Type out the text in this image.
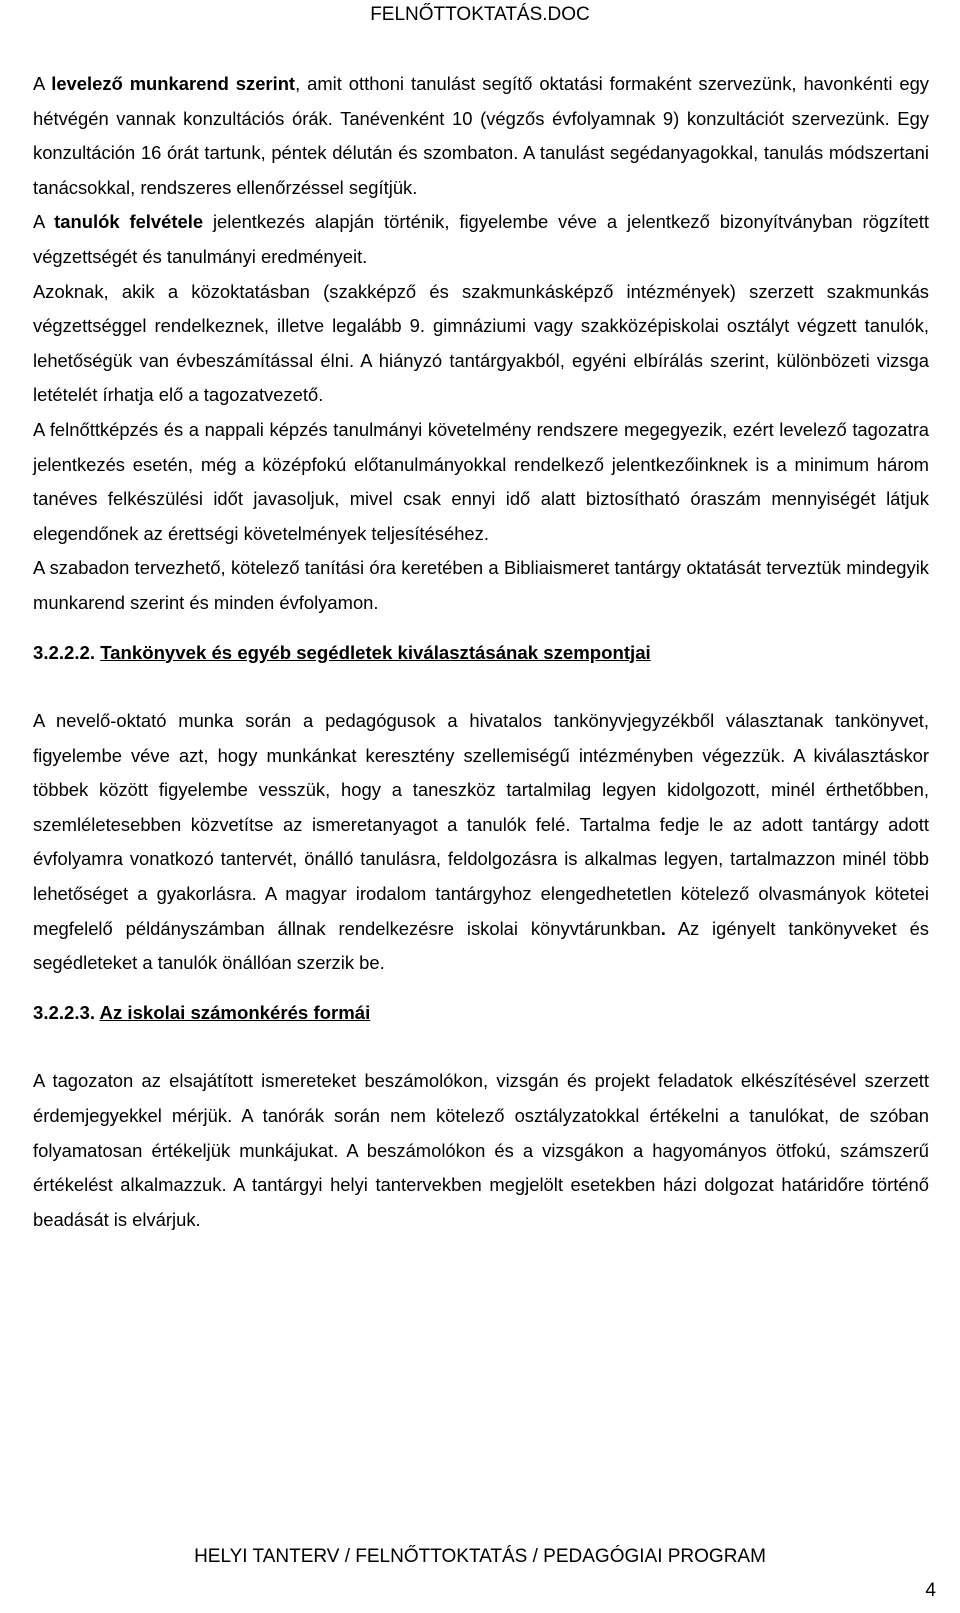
FELNŐTTOKTATÁS.DOC

A levelező munkarend szerint, amit otthoni tanulást segítő oktatási formaként szervezünk, havonkénti egy hétvégén vannak konzultációs órák. Tanévenként 10 (végzős évfolyamnak 9) konzultációt szervezünk. Egy konzultáción 16 órát tartunk, péntek délután és szombaton. A tanulást segédanyagokkal, tanulás módszertani tanácsokkal, rendszeres ellenőrzéssel segítjük.

A tanulók felvétele jelentkezés alapján történik, figyelembe véve a jelentkező bizonyítványban rögzített végzettségét és tanulmányi eredményeit.

Azoknak, akik a közoktatásban (szakképző és szakmunkásképző intézmények) szerzett szakmunkás végzettséggel rendelkeznek, illetve legalább 9. gimnáziumi vagy szakközépiskolai osztályt végzett tanulók, lehetőségük van évbeszámítással élni. A hiányzó tantárgyakból, egyéni elbírálás szerint, különbözeti vizsga letételét írhatja elő a tagozatvezető.

A felnőttképzés és a nappali képzés tanulmányi követelmény rendszere megegyezik, ezért levelező tagozatra jelentkezés esetén, még a középfokú előtanulmányokkal rendelkező jelentkezőinknek is a minimum három tanéves felkészülési időt javasoljuk, mivel csak ennyi idő alatt biztosítható óraszám mennyiségét látjuk elegendőnek az érettségi követelmények teljesítéséhez.

A szabadon tervezhető, kötelező tanítási óra keretében a Bibliaismeret tantárgy oktatását terveztük mindegyik munkarend szerint és minden évfolyamon.

3.2.2.2. Tankönyvek és egyéb segédletek kiválasztásának szempontjai

A nevelő-oktató munka során a pedagógusok a hivatalos tankönyvjegyzékből választanak tankönyvet, figyelembe véve azt, hogy munkánkat keresztény szellemiségű intézményben végezzük. A kiválasztáskor többek között figyelembe vesszük, hogy a taneszköz tartalmilag legyen kidolgozott, minél érthetőbben, szemléletesebben közvetítse az ismeretanyagot a tanulók felé. Tartalma fedje le az adott tantárgy adott évfolyamra vonatkozó tantervét, önálló tanulásra, feldolgozásra is alkalmas legyen, tartalmazzon minél több lehetőséget a gyakorlásra. A magyar irodalom tantárgyhoz elengedhetetlen kötelező olvasmányok kötetei megfelelő példányszámban állnak rendelkezésre iskolai könyvtárunkban. Az igényelt tankönyveket és segédleteket a tanulók önállóan szerzik be.

3.2.2.3. Az iskolai számonkérés formái

A tagozaton az elsajátított ismereteket beszámolókon, vizsgán és projekt feladatok elkészítésével szerzett érdemjegyekkel mérjük. A tanórák során nem kötelező osztályzatokkal értékelni a tanulókat, de szóban folyamatosan értékeljük munkájukat. A beszámolókon és a vizsgákon a hagyományos ötfokú, számszerű értékelést alkalmazzuk. A tantárgyi helyi tantervekben megjelölt esetekben házi dolgozat határidőre történő beadását is elvárjuk.

HELYI TANTERV / FELNŐTTOKTATÁS / PEDAGÓGIAI PROGRAM
4
